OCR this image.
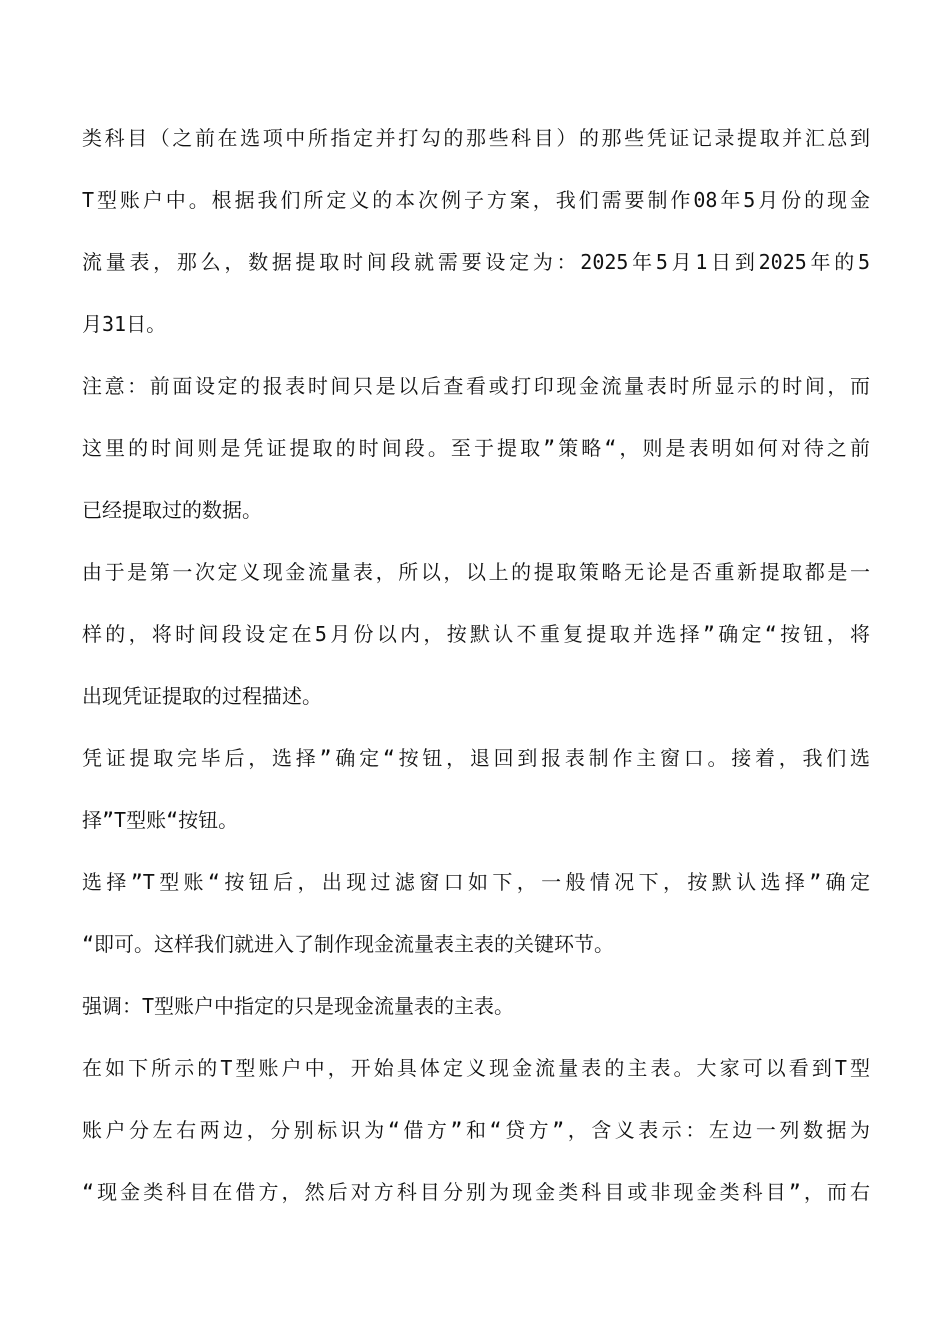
类科目（之前在选项中所指定并打勾的那些科目）的那些凭证记录提取并汇总到
T型账户中。根据我们所定义的本次例子方案，我们需要制作08年5月份的现金
流量表，那么，数据提取时间段就需要设定为：2025年5月1日到2025年的5
月31日。
注意：前面设定的报表时间只是以后查看或打印现金流量表时所显示的时间，而
这里的时间则是凭证提取的时间段。至于提取”策略“，则是表明如何对待之前
已经提取过的数据。
由于是第一次定义现金流量表，所以，以上的提取策略无论是否重新提取都是一
样的，将时间段设定在5月份以内，按默认不重复提取并选择”确定“按钮，将
出现凭证提取的过程描述。
凭证提取完毕后，选择”确定“按钮，退回到报表制作主窗口。接着，我们选
择”T型账“按钮。
选择”T型账“按钮后，出现过滤窗口如下，一般情况下，按默认选择”确定
“即可。这样我们就进入了制作现金流量表主表的关键环节。
强调：T型账户中指定的只是现金流量表的主表。
在如下所示的T型账户中，开始具体定义现金流量表的主表。大家可以看到T型
账户分左右两边，分别标识为“借方”和“贷方”，含义表示：左边一列数据为
“现金类科目在借方，然后对方科目分别为现金类科目或非现金类科目”，而右
